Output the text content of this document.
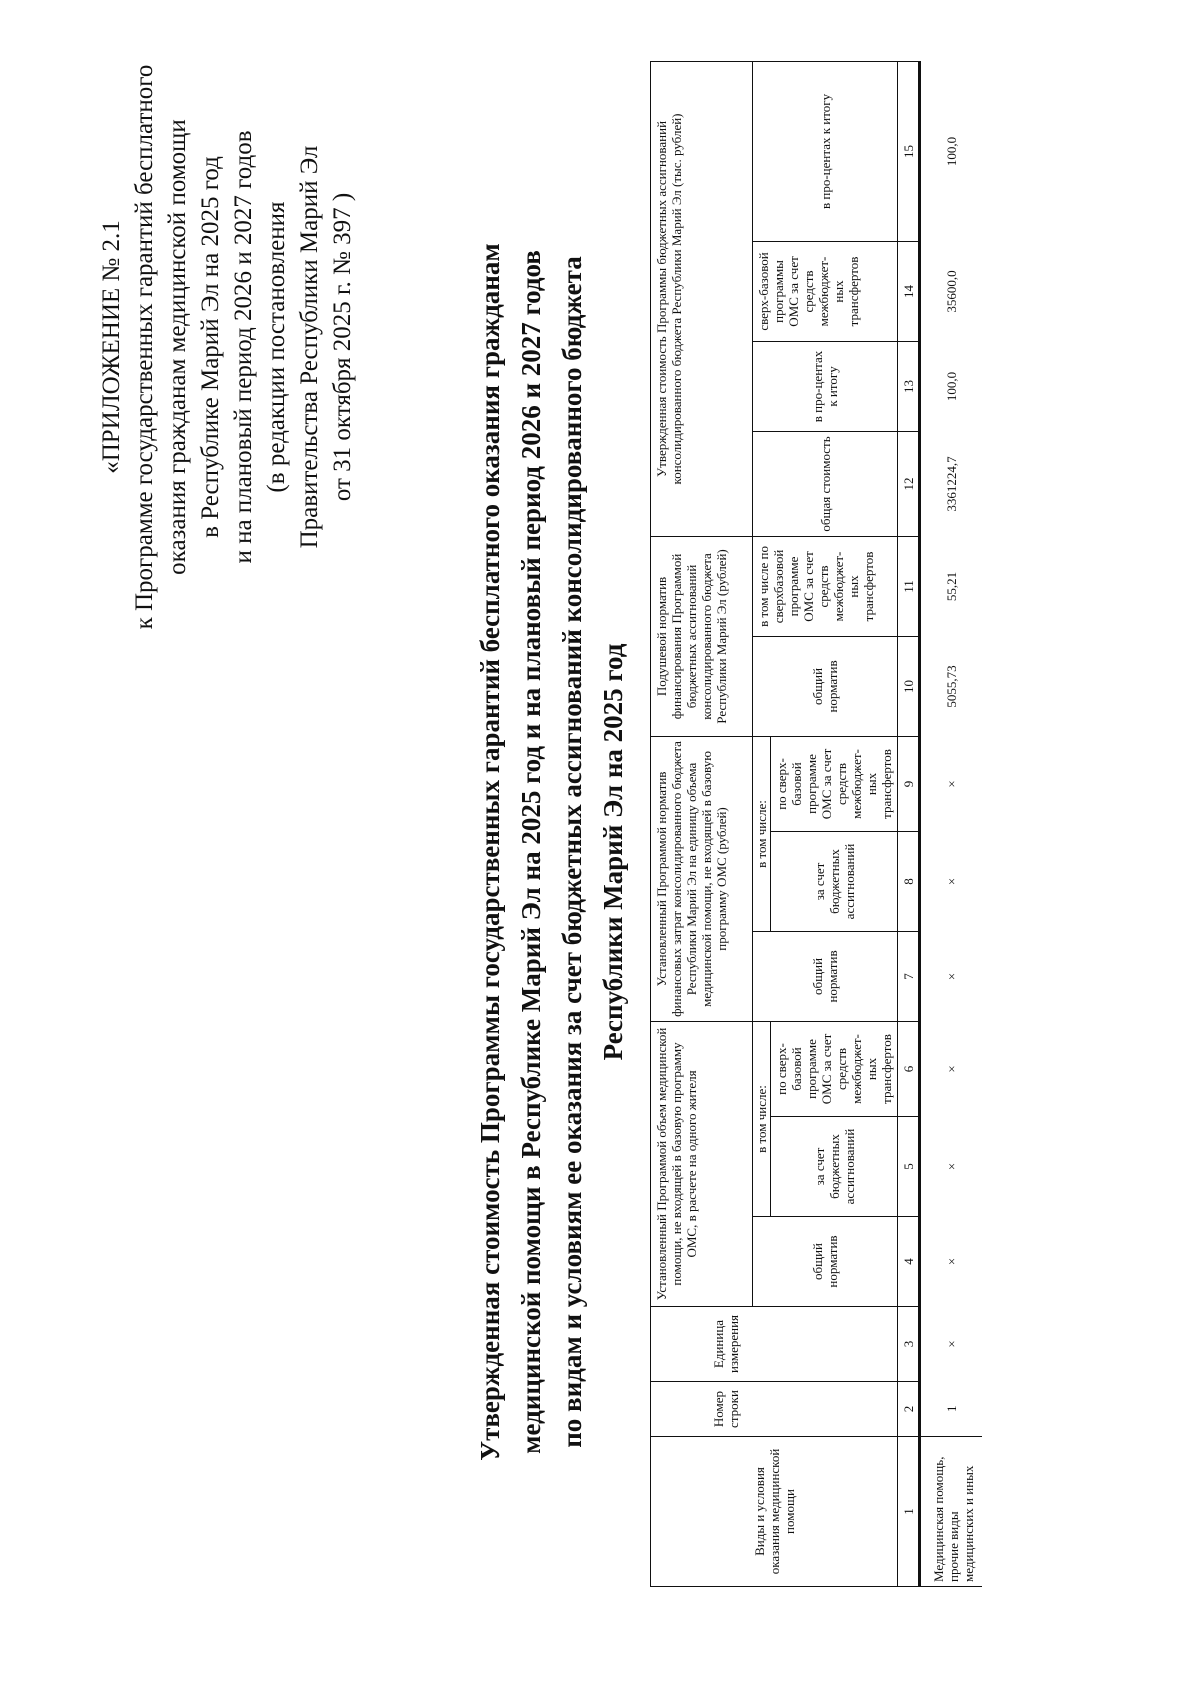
«ПРИЛОЖЕНИЕ № 2.1 к Программе государственных гарантий бесплатного оказания гражданам медицинской помощи в Республике Марий Эл на 2025 год и на плановый период 2026 и 2027 годов (в редакции постановления Правительства Республики Марий Эл от 31 октября 2025 г. № 397 )	Утвержденная стоимость Программы государственных гарантий бесплатного оказания гражданам медицинской помощи в Республике Марий Эл на 2025 год и на плановый период 2026 и 2027 годов по видам и условиям ее оказания за счет бюджетных ассигнований консолидированного бюджета Республики Марий Эл на 2025 год
Виды и условия оказания медицинской помощи	Номер строки	Единица измерения	Установленный Программой объем медицинской помощи, не входящей в базовую программу ОМС, в расчете на одного жителя			Установленный Программой норматив финансовых затрат консолидированного бюджета Республики Марий Эл на единицу объема медицинской помощи, не входящей в базовую программу ОМС (рублей)			Подушевой норматив финансирования Программой бюджетных ассигнований консолидированного бюджета Республики Марий Эл (рублей)		Утвержденная стоимость Программы бюджетных ассигнований консолидированного бюджета Республики Марий Эл (тыс. рублей)			
			общий норматив	в том числе:		общий норматив	в том числе:		общий норматив	в том числе по сверхбазовой программе ОМС за счет средств межбюджет-ных трансфертов	общая стоимость	в про-центах к итогу	сверх-базовой программы ОМС за счет средств межбюджет-ных трансфертов	в про-центах к итогу
				за счет бюджетных ассигнований	по сверх-базовой программе ОМС за счет средств межбюджет-ных трансфертов		за счет бюджетных ассигнований	по сверх-базовой программе ОМС за счет средств межбюджет-ных трансфертов						
1	2	3	4	5	6	7	8	9	10	11	12	13	14	15
Медицинская помощь, прочие виды медицинских и иных	1	×	×	×	×	×	×	×	5055,73	55,21	3361224,7	100,0	35600,0	100,0
